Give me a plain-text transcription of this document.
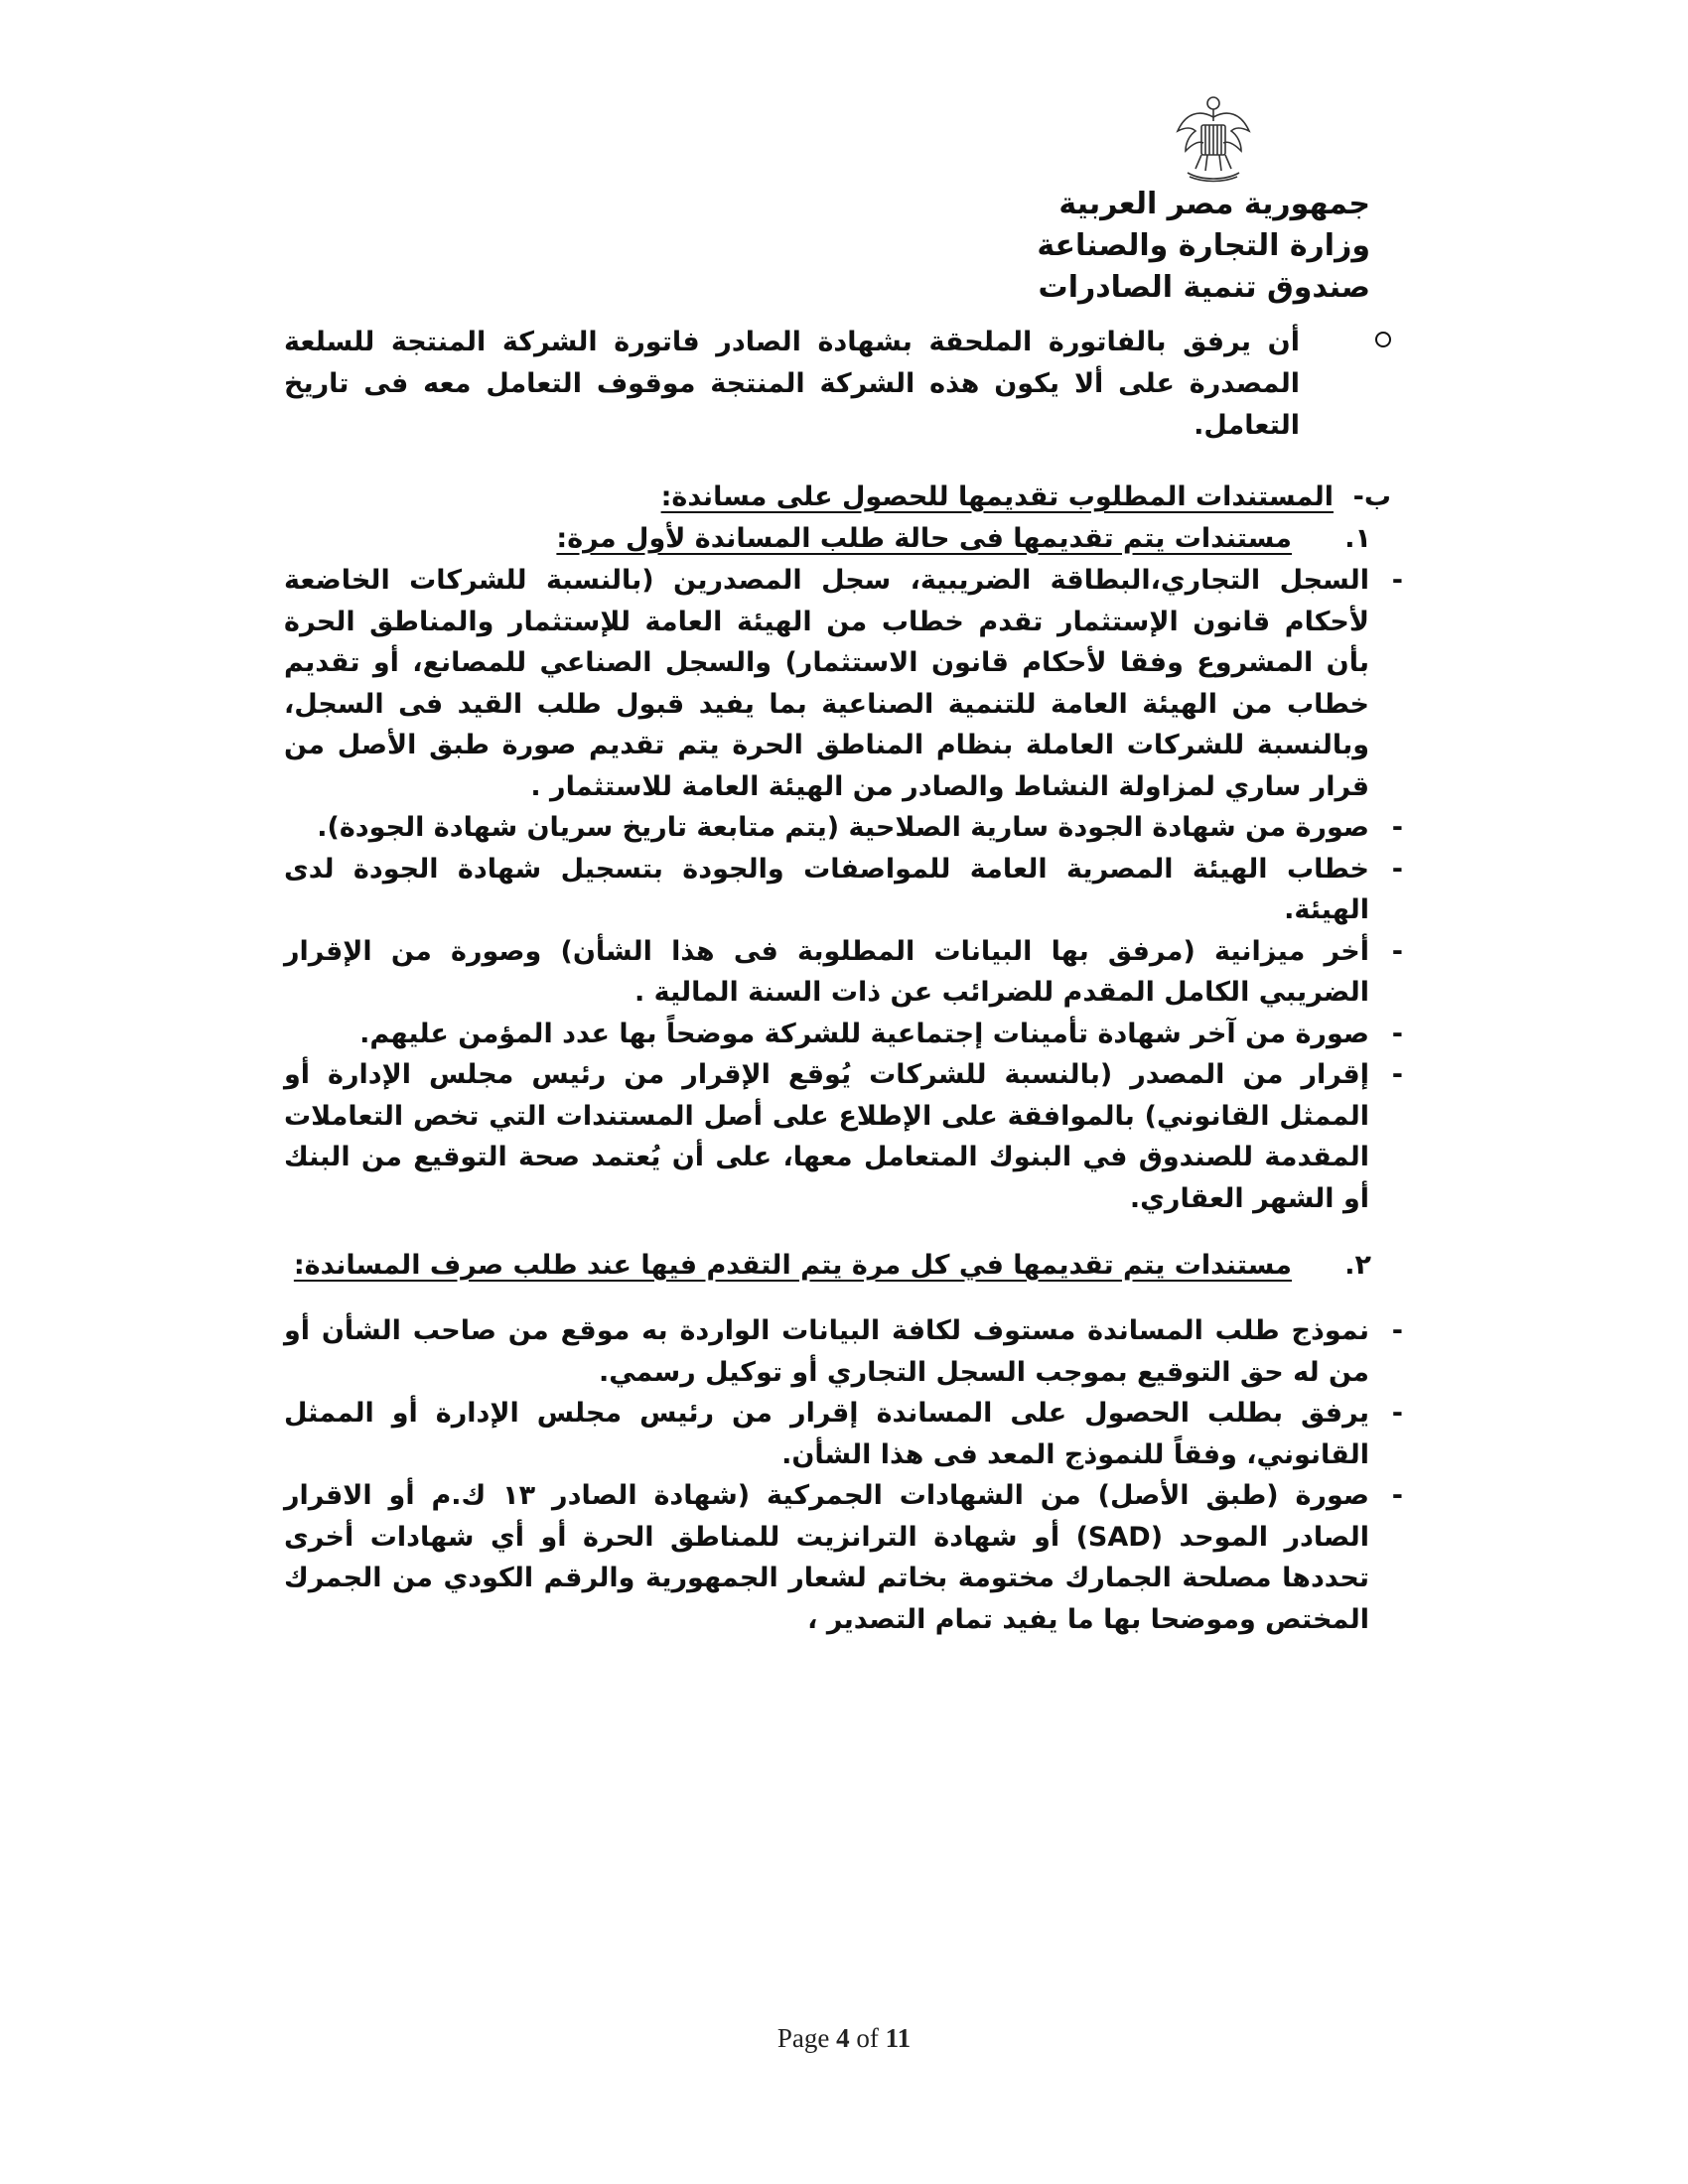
جمهورية مصر العربية
وزارة التجارة والصناعة
صندوق تنمية الصادرات
أن يرفق بالفاتورة الملحقة بشهادة الصادر فاتورة الشركة المنتجة للسلعة المصدرة على ألا يكون هذه الشركة المنتجة موقوف التعامل معه فى تاريخ التعامل.
ب-المستندات المطلوب تقديمها للحصول على مساندة:
١.
مستندات يتم تقديمها فى حالة طلب المساندة لأول مرة:
-
السجل التجاري،البطاقة الضريبية، سجل المصدرين (بالنسبة للشركات الخاضعة لأحكام قانون الإستثمار تقدم خطاب من الهيئة العامة للإستثمار والمناطق الحرة بأن المشروع وفقا لأحكام قانون الاستثمار) والسجل الصناعي للمصانع، أو تقديم خطاب من الهيئة العامة للتنمية الصناعية بما يفيد قبول طلب القيد فى السجل، وبالنسبة للشركات العاملة بنظام المناطق الحرة يتم تقديم صورة طبق الأصل من قرار ساري لمزاولة النشاط والصادر من الهيئة العامة للاستثمار .
-
صورة من شهادة الجودة سارية الصلاحية (يتم متابعة تاريخ سريان شهادة الجودة).
-
خطاب الهيئة المصرية العامة للمواصفات والجودة بتسجيل شهادة الجودة لدى الهيئة.
-
أخر ميزانية (مرفق بها البيانات المطلوبة فى هذا الشأن) وصورة من الإقرار الضريبي الكامل المقدم للضرائب عن ذات السنة المالية .
-
صورة من آخر شهادة تأمينات إجتماعية للشركة موضحاً بها عدد المؤمن عليهم.
-
إقرار من المصدر (بالنسبة للشركات يُوقع الإقرار من رئيس مجلس الإدارة أو الممثل القانوني) بالموافقة على الإطلاع على أصل المستندات التي تخص التعاملات المقدمة للصندوق في البنوك المتعامل معها، على أن يُعتمد صحة التوقيع من البنك أو الشهر العقاري.
٢.
مستندات يتم تقديمها في كل مرة يتم التقدم فيها عند طلب صرف المساندة:
-
نموذج طلب المساندة مستوف لكافة البيانات الواردة به موقع من صاحب الشأن أو من له حق التوقيع بموجب السجل التجاري أو توكيل رسمي.
-
يرفق بطلب الحصول على المساندة إقرار من رئيس مجلس الإدارة أو الممثل القانوني، وفقاً للنموذج المعد فى هذا الشأن.
-
صورة (طبق الأصل) من الشهادات الجمركية (شهادة الصادر ١٣ ك.م أو الاقرار الصادر الموحد (SAD) أو شهادة الترانزيت للمناطق الحرة أو أي شهادات أخرى تحددها مصلحة الجمارك مختومة بخاتم لشعار الجمهورية والرقم الكودي من الجمرك المختص وموضحا بها ما يفيد تمام التصدير ،
Page 4 of 11
